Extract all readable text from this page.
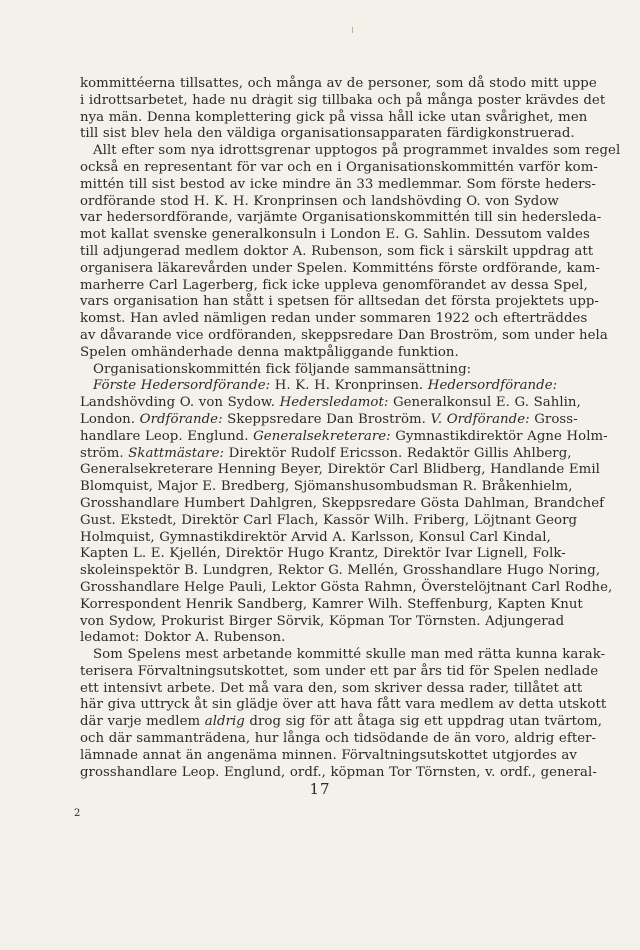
kommittéerna tillsattes, och många av de personer, som då stodo mitt uppe
i idrottsarbetet, hade nu dragit sig tillbaka och på många poster krävdes det
nya män. Denna komplettering gick på vissa håll icke utan svårighet, men
till sist blev hela den väldiga organisationsapparaten färdigkonstruerad.

Allt efter som nya idrottsgrenar upptogos på programmet invaldes som regel
också en representant för var och en i Organisationskommittén varför kom-
mittén till sist bestod av icke mindre än 33 medlemmar. Som förste heders-
ordförande stod H. K. H. Kronprinsen och landshövding O. von Sydow
var hedersordförande, varjämte Organisationskommittén till sin hedersleda-
mot kallat svenske generalkonsuln i London E. G. Sahlin. Dessutom valdes
till adjungerad medlem doktor A. Rubenson, som fick i särskilt uppdrag att
organisera läkarevården under Spelen. Kommitténs förste ordförande, kam-
marherre Carl Lagerberg, fick icke uppleva genomförandet av dessa Spel,
vars organisation han stått i spetsen för alltsedan det första projektets upp-
komst. Han avled nämligen redan under sommaren 1922 och efterträddes
av dåvarande vice ordföranden, skeppsredare Dan Broström, som under hela
Spelen omhänderhade denna maktpåliggande funktion.

Organisationskommittén fick följande sammansättning:

Förste Hedersordförande: H. K. H. Kronprinsen. Hedersordförande:
Landshövding O. von Sydow. Hedersledamot: Generalkonsul E. G. Sahlin,
London. Ordförande: Skeppsredare Dan Broström. V. Ordförande: Gross-
handlare Leop. Englund. Generalsekreterare: Gymnastikdirektör Agne Holm-
ström. Skattmästare: Direktör Rudolf Ericsson. Redaktör Gillis Ahlberg,
Generalsekreterare Henning Beyer, Direktör Carl Blidberg, Handlande Emil
Blomquist, Major E. Bredberg, Sjömanshusombudsman R. Bråkenhielm,
Grosshandlare Humbert Dahlgren, Skeppsredare Gösta Dahlman, Brandchef
Gust. Ekstedt, Direktör Carl Flach, Kassör Wilh. Friberg, Löjtnant Georg
Holmquist, Gymnastikdirektör Arvid A. Karlsson, Konsul Carl Kindal,
Kapten L. E. Kjellén, Direktör Hugo Krantz, Direktör Ivar Lignell, Folk-
skoleinspektör B. Lundgren, Rektor G. Mellén, Grosshandlare Hugo Noring,
Grosshandlare Helge Pauli, Lektor Gösta Rahmn, Överstelöjtnant Carl Rodhe,
Korrespondent Henrik Sandberg, Kamrer Wilh. Steffenburg, Kapten Knut
von Sydow, Prokurist Birger Sörvik, Köpman Tor Törnsten. Adjungerad
ledamot: Doktor A. Rubenson.

Som Spelens mest arbetande kommitté skulle man med rätta kunna karak-
terisera Förvaltningsutskottet, som under ett par års tid för Spelen nedlade
ett intensivt arbete. Det må vara den, som skriver dessa rader, tillåtet att
här giva uttryck åt sin glädje över att hava fått vara medlem av detta utskott
där varje medlem aldrig drog sig för att åtaga sig ett uppdrag utan tvärtom,
och där sammanträdena, hur långa och tidsödande de än voro, aldrig efter-
lämnade annat än angenäma minnen. Förvaltningsutskottet utgjordes av
grosshandlare Leop. Englund, ordf., köpman Tor Törnsten, v. ordf., general-

17
2
